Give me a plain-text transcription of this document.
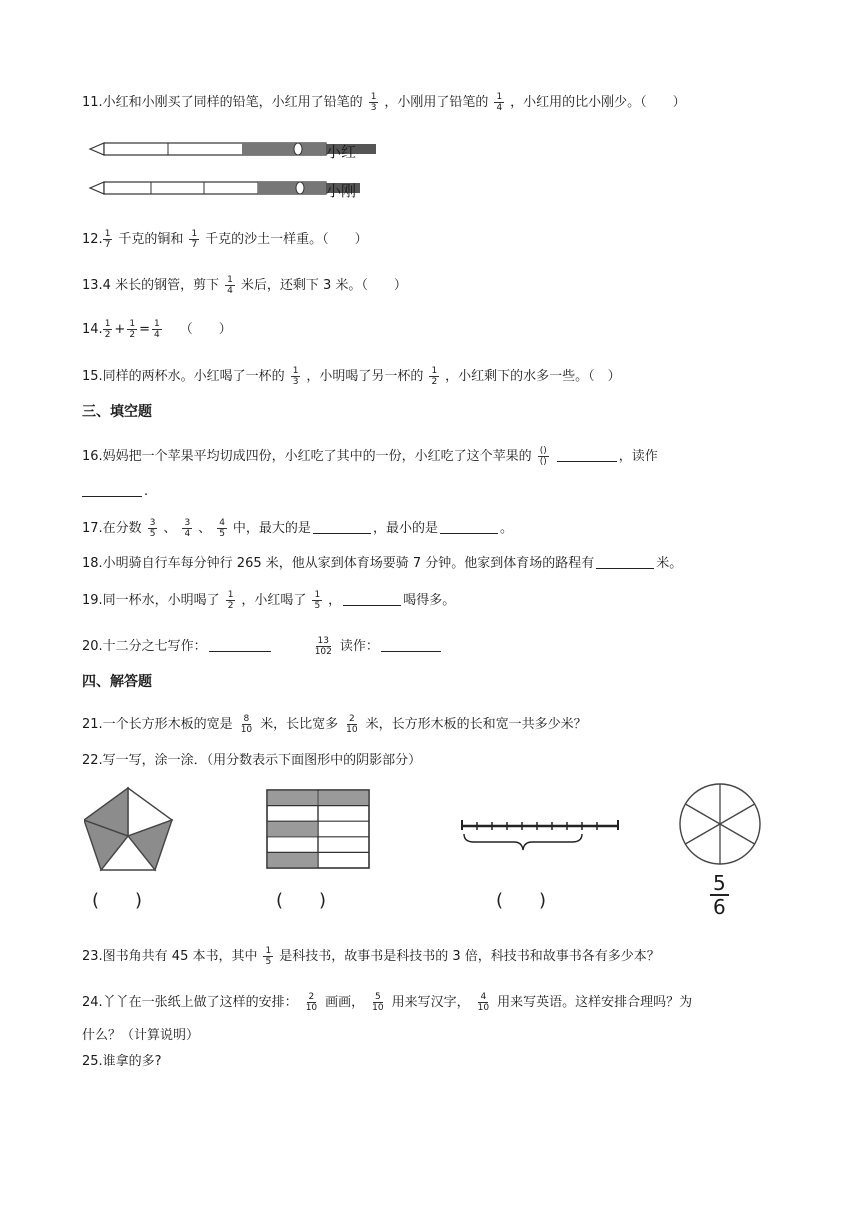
11.小红和小刚买了同样的铅笔，小红用了铅笔的 $\frac{1}{3}$ ，小刚用了铅笔的 $\frac{1}{4}$ ，小红用的比小刚少。（　　）
小红
小刚
12. $\frac{1}{7}$ 千克的铜和 $\frac{1}{7}$ 千克的沙土一样重。（　　）
13.4 米长的钢管，剪下 $\frac{1}{4}$ 米后，还剩下 3 米。（　　）
14. $\frac{1}{2} + \frac{1}{2} = \frac{1}{4}$ （　　）
15.同样的两杯水。小红喝了一杯的 $\frac{1}{3}$ ，小明喝了另一杯的 $\frac{1}{2}$ ，小红剩下的水多一些。（　）
三、填空题
16.妈妈把一个苹果平均切成四份，小红吃了其中的一份，小红吃了这个苹果的 $\frac{()}{()}$	，读作
.
17.在分数 $\frac{3}{5}$ 、 $\frac{3}{4}$ 、 $\frac{4}{5}$ 中，最大的是	，最小的是	。
18.小明骑自行车每分钟行 265 米，他从家到体育场要骑 7 分钟。他家到体育场的路程有	米。
19.同一杯水，小明喝了 $\frac{1}{2}$ ，小红喝了 $\frac{1}{5}$ ，	喝得多。
20.十二分之七写作：	$\frac{13}{102}$ 读作：
四、解答题
21.一个长方形木板的宽是 $\frac{8}{10}$ 米，长比宽多 $\frac{2}{10}$ 米，长方形木板的长和宽一共多少米？
22.写一写，涂一涂．（用分数表示下面图形中的阴影部分）
(　　)	(　　)	(　　)	$\frac{5}{6}$
23.图书角共有 45 本书，其中 $\frac{1}{5}$ 是科技书，故事书是科技书的 3 倍，科技书和故事书各有多少本？
24.丫丫在一张纸上做了这样的安排： $\frac{2}{10}$ 画画， $\frac{5}{10}$ 用来写汉字， $\frac{4}{10}$ 用来写英语。这样安排合理吗？为
什么？（计算说明）
25.谁拿的多?
